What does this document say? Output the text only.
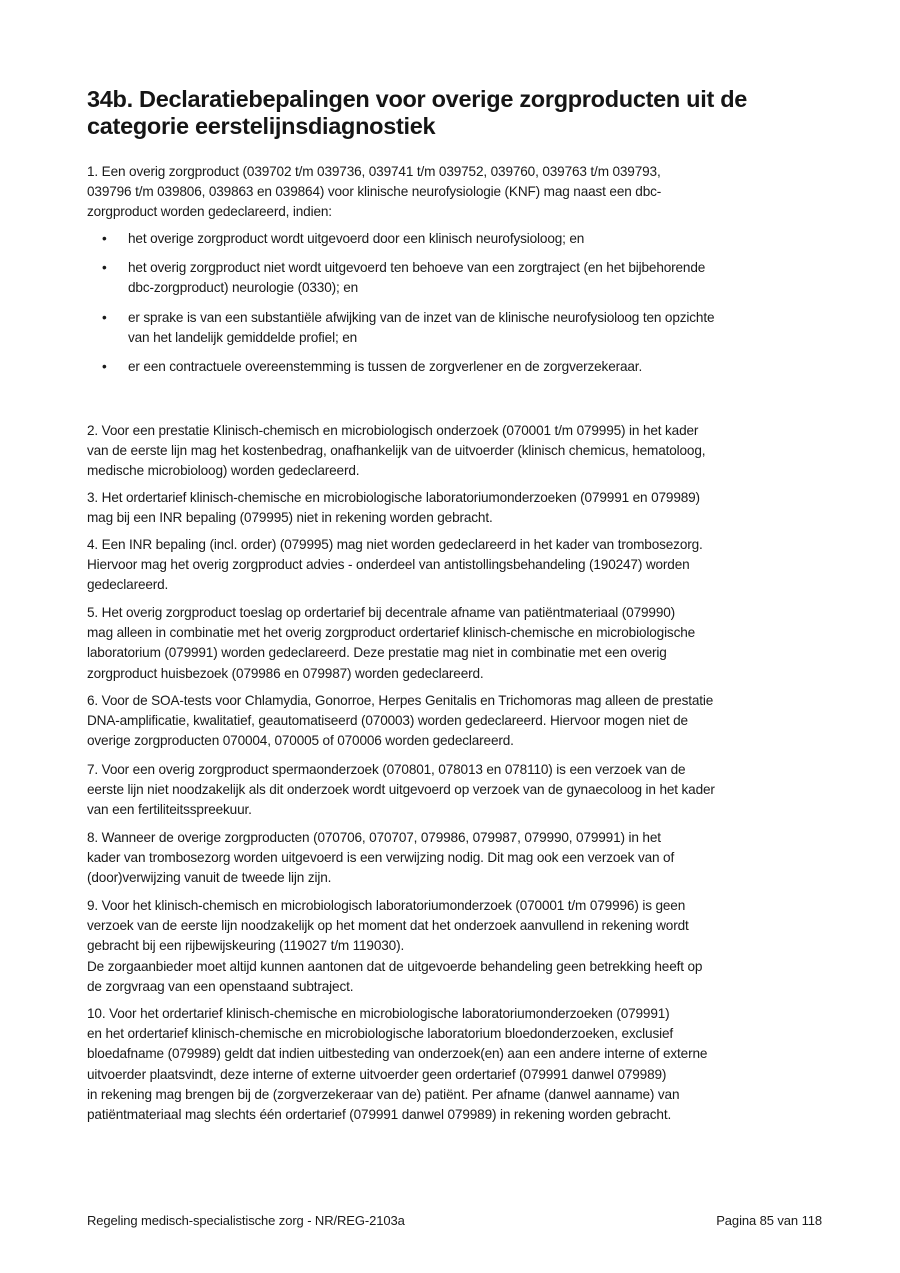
34b. Declaratiebepalingen voor overige zorgproducten uit de
categorie eerstelijnsdiagnostiek
1. Een overig zorgproduct (039702 t/m 039736, 039741 t/m 039752, 039760, 039763 t/m 039793,
039796 t/m 039806, 039863 en 039864) voor klinische neurofysiologie (KNF) mag naast een dbc-
zorgproduct worden gedeclareerd, indien:
• het overige zorgproduct wordt uitgevoerd door een klinisch neurofysioloog; en
• het overig zorgproduct niet wordt uitgevoerd ten behoeve van een zorgtraject (en het bijbehorende
dbc-zorgproduct) neurologie (0330); en
• er sprake is van een substantiële afwijking van de inzet van de klinische neurofysioloog ten opzichte
van het landelijk gemiddelde profiel; en
• er een contractuele overeenstemming is tussen de zorgverlener en de zorgverzekeraar.
2. Voor een prestatie Klinisch-chemisch en microbiologisch onderzoek (070001 t/m 079995) in het kader
van de eerste lijn mag het kostenbedrag, onafhankelijk van de uitvoerder (klinisch chemicus, hematoloog,
medische microbioloog) worden gedeclareerd.
3. Het ordertarief klinisch-chemische en microbiologische laboratoriumonderzoeken (079991 en 079989)
mag bij een INR bepaling (079995) niet in rekening worden gebracht.
4. Een INR bepaling (incl. order) (079995) mag niet worden gedeclareerd in het kader van trombosezorg.
Hiervoor mag het overig zorgproduct advies - onderdeel van antistollingsbehandeling (190247) worden
gedeclareerd.
5. Het overig zorgproduct toeslag op ordertarief bij decentrale afname van patiëntmateriaal (079990)
mag alleen in combinatie met het overig zorgproduct ordertarief klinisch-chemische en microbiologische
laboratorium (079991) worden gedeclareerd. Deze prestatie mag niet in combinatie met een overig
zorgproduct huisbezoek (079986 en 079987) worden gedeclareerd.
6. Voor de SOA-tests voor Chlamydia, Gonorroe, Herpes Genitalis en Trichomoras mag alleen de prestatie
DNA-amplificatie, kwalitatief, geautomatiseerd (070003) worden gedeclareerd. Hiervoor mogen niet de
overige zorgproducten 070004, 070005 of 070006 worden gedeclareerd.
7. Voor een overig zorgproduct spermaonderzoek (070801, 078013 en 078110) is een verzoek van de
eerste lijn niet noodzakelijk als dit onderzoek wordt uitgevoerd op verzoek van de gynaecoloog in het kader
van een fertiliteitsspreekuur.
8. Wanneer de overige zorgproducten (070706, 070707, 079986, 079987, 079990, 079991) in het
kader van trombosezorg worden uitgevoerd is een verwijzing nodig. Dit mag ook een verzoek van of
(door)verwijzing vanuit de tweede lijn zijn.
9. Voor het klinisch-chemisch en microbiologisch laboratoriumonderzoek (070001 t/m 079996) is geen
verzoek van de eerste lijn noodzakelijk op het moment dat het onderzoek aanvullend in rekening wordt
gebracht bij een rijbewijskeuring (119027 t/m 119030).
De zorgaanbieder moet altijd kunnen aantonen dat de uitgevoerde behandeling geen betrekking heeft op
de zorgvraag van een openstaand subtraject.
10. Voor het ordertarief klinisch-chemische en microbiologische laboratoriumonderzoeken (079991)
en het ordertarief klinisch-chemische en microbiologische laboratorium bloedonderzoeken, exclusief
bloedafname (079989) geldt dat indien uitbesteding van onderzoek(en) aan een andere interne of externe
uitvoerder plaatsvindt, deze interne of externe uitvoerder geen ordertarief (079991 danwel 079989)
in rekening mag brengen bij de (zorgverzekeraar van de) patiënt. Per afname (danwel aanname) van
patiëntmateriaal mag slechts één ordertarief (079991 danwel 079989) in rekening worden gebracht.
Regeling medisch-specialistische zorg - NR/REG-2103a	Pagina 85 van 118
